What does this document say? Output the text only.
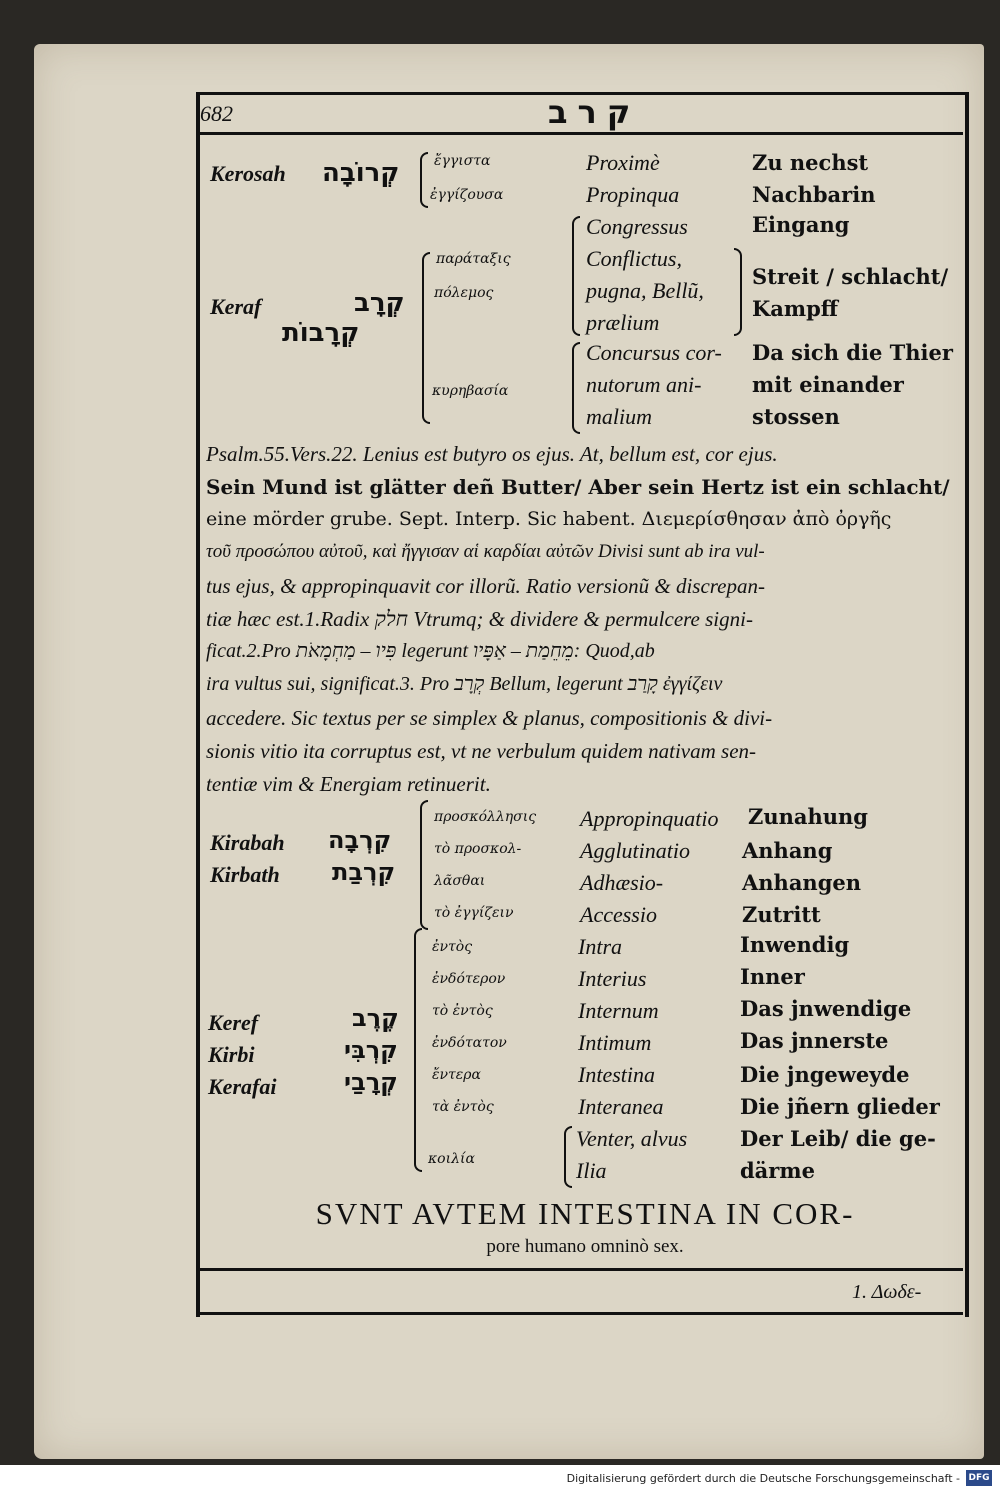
682	קרב
Kerosah קְרוֹבָה ἔγγιστα
ἐγγίζουσα
Proximè
Propinqua
Zu nechst
Nachbarin
Keraf	קְרָב
קְרָבוֹת
παράταξις
πόλεμος
κυρηβασία
Congressus
Conflictus,
pugna, Bellũ,
prælium
Concursus cor-
nutorum ani-
malium
Eingang
Streit / schlacht/
Kampff
Da sich die Thier
mit einander
stossen
Psalm.55.Vers.22. Lenius est butyro os ejus. At, bellum est, cor ejus.
Sein Mund ist glätter deñ Butter/ Aber sein Hertz ist ein schlacht/
eine mörder grube. Sept. Interp. Sic habent. Διεμερίσθησαν ἀπὸ ὀργῆς
τοῦ προσώπου αὐτοῦ, καὶ ἤγγισαν αἱ καρδίαι αὐτῶν Divisi sunt ab ira vul-
tus ejus, & appropinquavit cor illorũ. Ratio versionũ & discrepan-
tiæ hæc est.1.Radix חלק Vtrumq; & dividere & permulcere signi-
ficat.2.Pro פִּיו – מַחְמָאֹת legerunt מֵחֵמַת – אַפָּיו: Quod,ab
ira vultus sui, significat.3. Pro קְרָב Bellum, legerunt קָרַב ἐγγίζειν
accedere. Sic textus per se simplex & planus, compositionis & divi-
sionis vitio ita corruptus est, vt ne verbulum quidem nativam sen-
tentiæ vim & Energiam retinuerit.
Kirabah
Kirbath
קִרְבָה
קִרְבַת
προσκόλλησις
τὸ προσκολ-
λᾶσθαι
τὸ ἐγγίζειν
Appropinquatio
Agglutinatio
Adhæsio-
Accessio
Zunahung
Anhang
Anhangen
Zutritt
Keref
Kirbi
Kerafai
קֶרֶב
קִרְבִּי
קְרָבַי
ἐντὸς
ἐνδότερον
τὸ ἐντὸς
ἐνδότατον
ἔντερα
τὰ ἐντὸς
κοιλία
Intra
Interius
Internum
Intimum
Intestina
Interanea
Venter, alvus
Ilia
Inwendig
Inner
Das jnwendige
Das jnnerste
Die jngeweyde
Die jñern glieder
Der Leib/ die ge-
därme
SVNT AVTEM INTESTINA IN COR-
pore humano omninò sex.
1. Δωδε-
Digitalisierung gefördert durch die Deutsche Forschungsgemeinschaft - DFG
